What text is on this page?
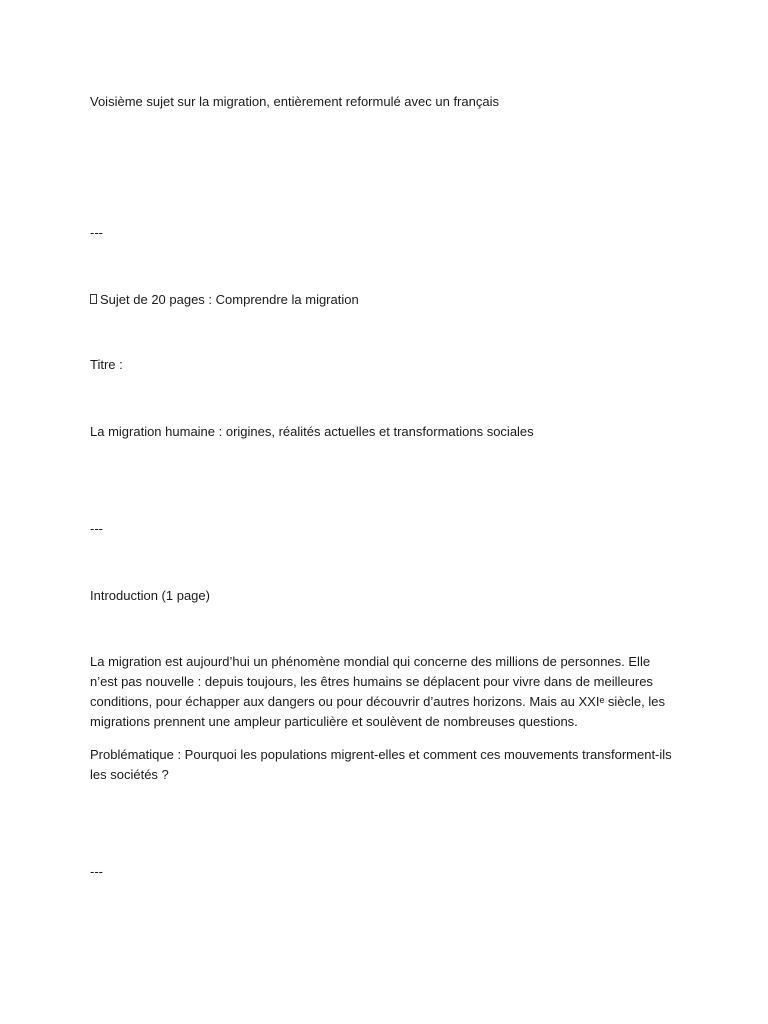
Voisième sujet sur la migration, entièrement reformulé avec un français

---

Sujet de 20 pages : Comprendre la migration

Titre :

La migration humaine : origines, réalités actuelles et transformations sociales

---

Introduction (1 page)

La migration est aujourd’hui un phénomène mondial qui concerne des millions de personnes. Elle n’est pas nouvelle : depuis toujours, les êtres humains se déplacent pour vivre dans de meilleures conditions, pour échapper aux dangers ou pour découvrir d’autres horizons. Mais au XXIᵉ siècle, les migrations prennent une ampleur particulière et soulèvent de nombreuses questions.

Problématique : Pourquoi les populations migrent-elles et comment ces mouvements transforment-ils les sociétés ?

---
